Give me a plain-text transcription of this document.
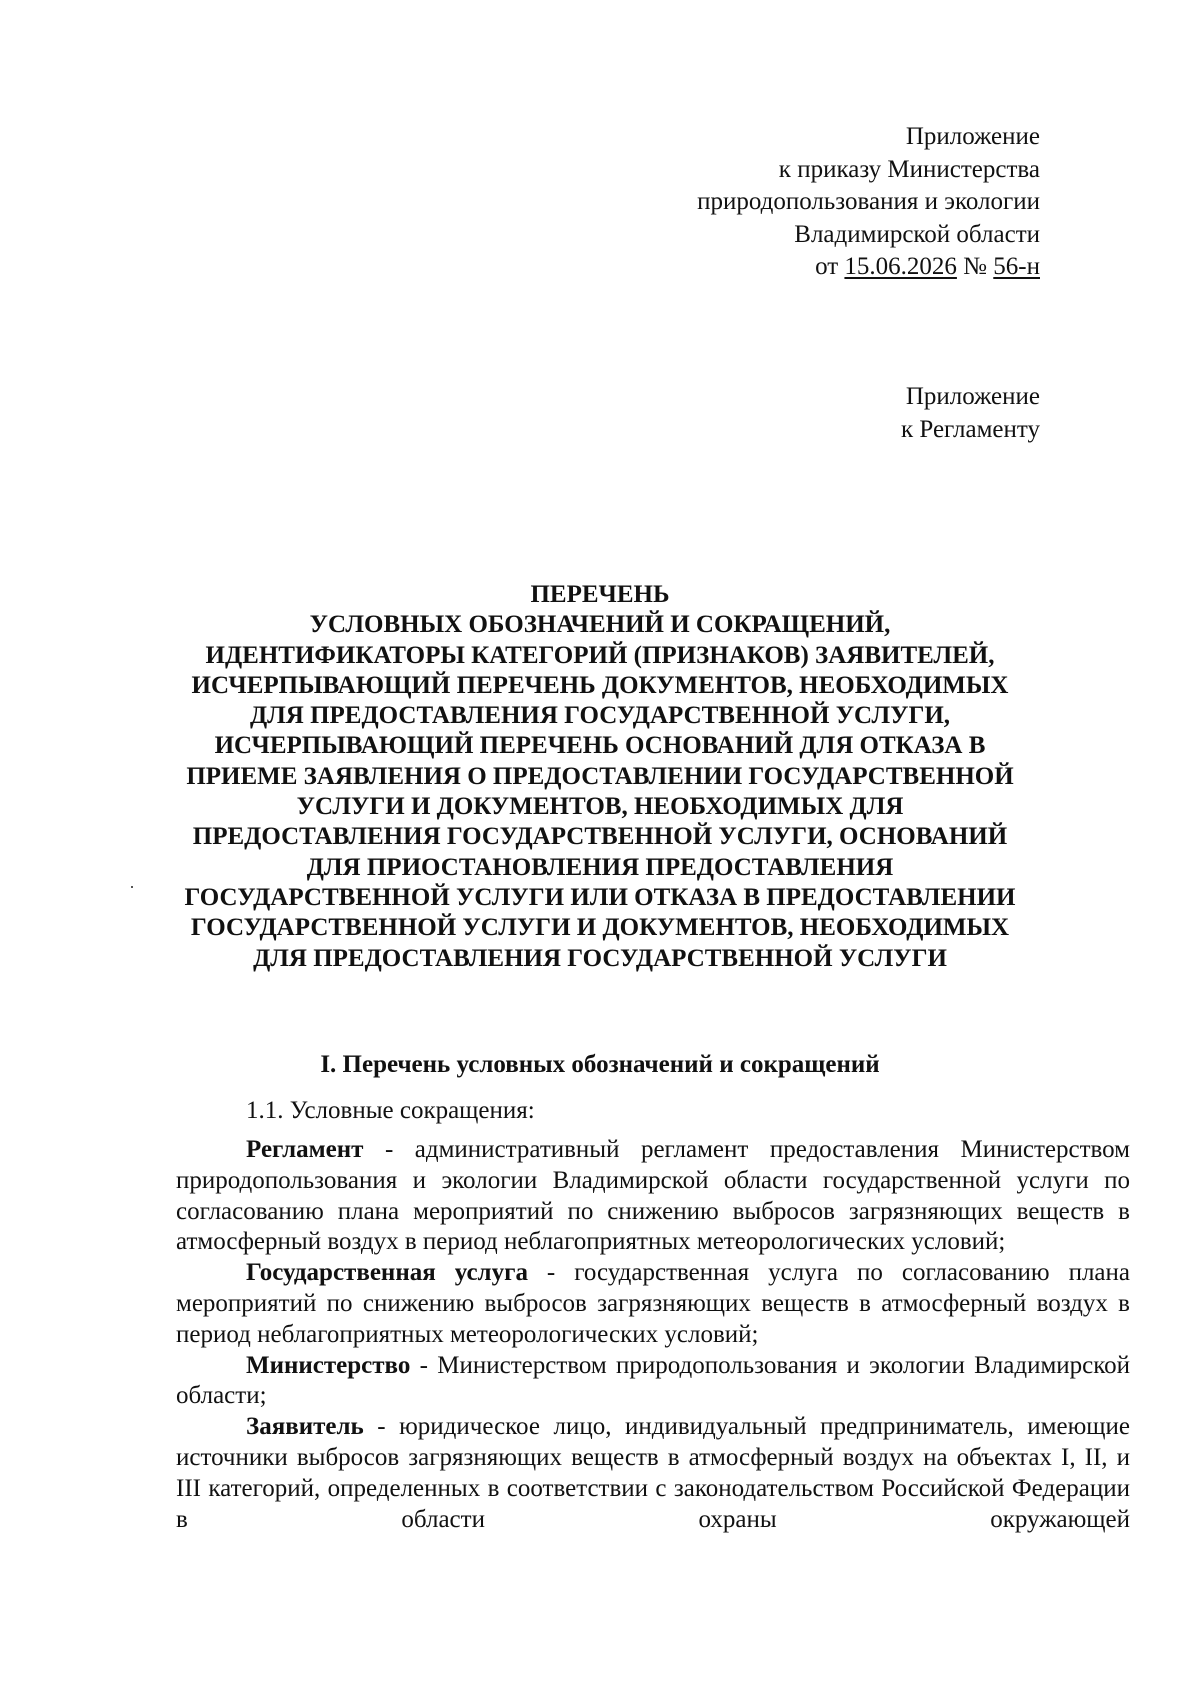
Приложение
к приказу Министерства
природопользования и экологии
Владимирской области
от 15.06.2026 № 56-н
Приложение
к Регламенту
ПЕРЕЧЕНЬ
УСЛОВНЫХ ОБОЗНАЧЕНИЙ И СОКРАЩЕНИЙ,
ИДЕНТИФИКАТОРЫ КАТЕГОРИЙ (ПРИЗНАКОВ) ЗАЯВИТЕЛЕЙ,
ИСЧЕРПЫВАЮЩИЙ ПЕРЕЧЕНЬ ДОКУМЕНТОВ, НЕОБХОДИМЫХ
ДЛЯ ПРЕДОСТАВЛЕНИЯ ГОСУДАРСТВЕННОЙ УСЛУГИ,
ИСЧЕРПЫВАЮЩИЙ ПЕРЕЧЕНЬ ОСНОВАНИЙ ДЛЯ ОТКАЗА В
ПРИЕМЕ ЗАЯВЛЕНИЯ О ПРЕДОСТАВЛЕНИИ ГОСУДАРСТВЕННОЙ
УСЛУГИ И ДОКУМЕНТОВ, НЕОБХОДИМЫХ ДЛЯ
ПРЕДОСТАВЛЕНИЯ ГОСУДАРСТВЕННОЙ УСЛУГИ, ОСНОВАНИЙ
ДЛЯ ПРИОСТАНОВЛЕНИЯ ПРЕДОСТАВЛЕНИЯ
ГОСУДАРСТВЕННОЙ УСЛУГИ ИЛИ ОТКАЗА В ПРЕДОСТАВЛЕНИИ
ГОСУДАРСТВЕННОЙ УСЛУГИ И ДОКУМЕНТОВ, НЕОБХОДИМЫХ
ДЛЯ ПРЕДОСТАВЛЕНИЯ ГОСУДАРСТВЕННОЙ УСЛУГИ
I. Перечень условных обозначений и сокращений
1.1. Условные сокращения:

Регламент - административный регламент предоставления Министерством природопользования и экологии Владимирской области государственной услуги по согласованию плана мероприятий по снижению выбросов загрязняющих веществ в атмосферный воздух в период неблагоприятных метеорологических условий;

Государственная услуга - государственная услуга по согласованию плана мероприятий по снижению выбросов загрязняющих веществ в атмосферный воздух в период неблагоприятных метеорологических условий;

Министерство - Министерством природопользования и экологии Владимирской области;

Заявитель - юридическое лицо, индивидуальный предприниматель, имеющие источники выбросов загрязняющих веществ в атмосферный воздух на объектах I, II, и III категорий, определенных в соответствии с законодательством Российской Федерации в области охраны окружающей
